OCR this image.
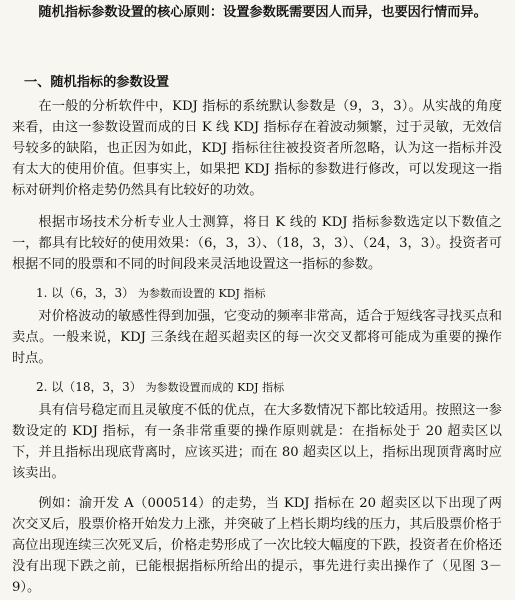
随机指标参数设置的核心原则：设置参数既需要因人而异，也要因行情而异。

一、随机指标的参数设置

在一般的分析软件中，KDJ 指标的系统默认参数是（9，3，3）。从实战的角度来看，由这一参数设置而成的日 K 线 KDJ 指标存在着波动频繁，过于灵敏，无效信号较多的缺陷，也正因为如此，KDJ 指标往往被投资者所忽略，认为这一指标并没有太大的使用价值。但事实上，如果把 KDJ 指标的参数进行修改，可以发现这一指标对研判价格走势仍然具有比较好的功效。

根据市场技术分析专业人士测算，将日 K 线的 KDJ 指标参数选定以下数值之一，都具有比较好的使用效果：（6，3，3）、（18，3，3）、（24，3，3）。投资者可根据不同的股票和不同的时间段来灵活地设置这一指标的参数。

1. 以（6，3，3） 为参数而设置的 KDJ 指标

对价格波动的敏感性得到加强，它变动的频率非常高，适合于短线客寻找买点和卖点。一般来说，KDJ 三条线在超买超卖区的每一次交叉都将可能成为重要的操作时点。

2. 以（18，3，3） 为参数设置而成的 KDJ 指标

具有信号稳定而且灵敏度不低的优点，在大多数情况下都比较适用。按照这一参数设定的 KDJ 指标，有一条非常重要的操作原则就是：在指标处于 20 超卖区以下，并且指标出现底背离时，应该买进；而在 80 超卖区以上，指标出现顶背离时应该卖出。

例如：渝开发 A（000514）的走势，当 KDJ 指标在 20 超卖区以下出现了两次交叉后，股票价格开始发力上涨，并突破了上档长期均线的压力，其后股票价格于高位出现连续三次死叉后，价格走势形成了一次比较大幅度的下跌，投资者在价格还没有出现下跌之前，已能根据指标所给出的提示，事先进行卖出操作了（见图 3－9）。
